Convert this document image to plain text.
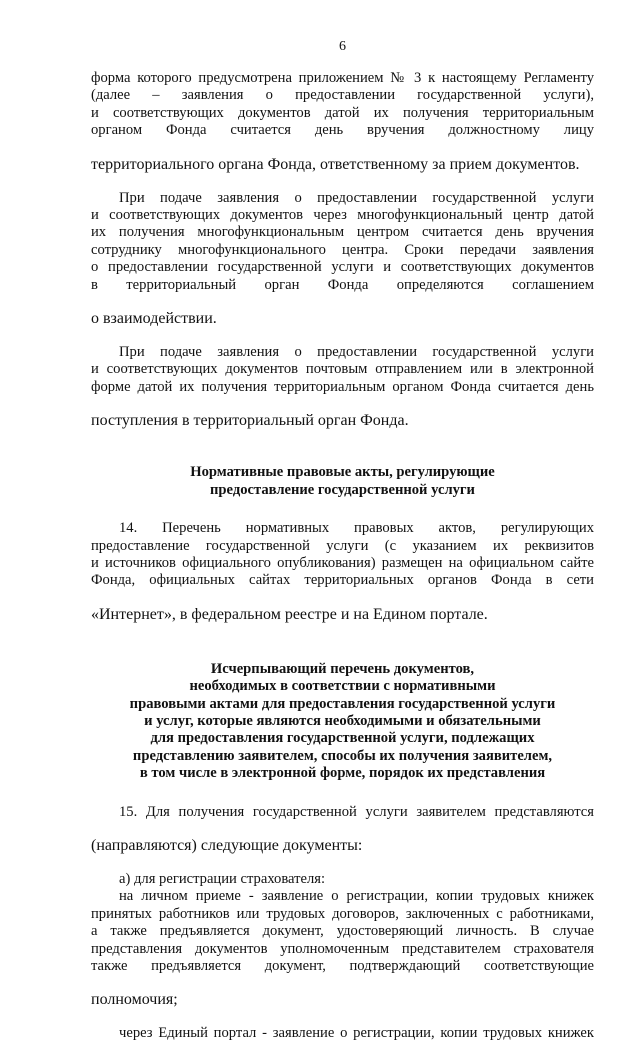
6

форма которого предусмотрена приложением № 3 к настоящему Регламенту

(далее – заявления о предоставлении государственной услуги),

и соответствующих документов датой их получения территориальным

органом Фонда считается день вручения должностному лицу

территориального органа Фонда, ответственному за прием документов.

При подаче заявления о предоставлении государственной услуги

и соответствующих документов через многофункциональный центр датой

их получения многофункциональным центром считается день вручения

сотруднику многофункционального центра. Сроки передачи заявления

о предоставлении государственной услуги и соответствующих документов

в территориальный орган Фонда определяются соглашением

о взаимодействии.

При подаче заявления о предоставлении государственной услуги

и соответствующих документов почтовым отправлением или в электронной

форме датой их получения территориальным органом Фонда считается день

поступления в территориальный орган Фонда.

Нормативные правовые акты, регулирующие

предоставление государственной услуги

14. Перечень нормативных правовых актов, регулирующих

предоставление государственной услуги (с указанием их реквизитов

и источников официального опубликования) размещен на официальном сайте

Фонда, официальных сайтах территориальных органов Фонда в сети

«Интернет», в федеральном реестре и на Едином портале.

Исчерпывающий перечень документов,

необходимых в соответствии с нормативными

правовыми актами для предоставления государственной услуги

и услуг, которые являются необходимыми и обязательными

для предоставления государственной услуги, подлежащих

представлению заявителем, способы их получения заявителем,

в том числе в электронной форме, порядок их представления

15. Для получения государственной услуги заявителем представляются

(направляются) следующие документы:

а) для регистрации страхователя:

на личном приеме - заявление о регистрации, копии трудовых книжек

принятых работников или трудовых договоров, заключенных с работниками,

а также предъявляется документ, удостоверяющий личность. В случае

представления документов уполномоченным представителем страхователя

также предъявляется документ, подтверждающий соответствующие

полномочия;

через Единый портал - заявление о регистрации, копии трудовых книжек
